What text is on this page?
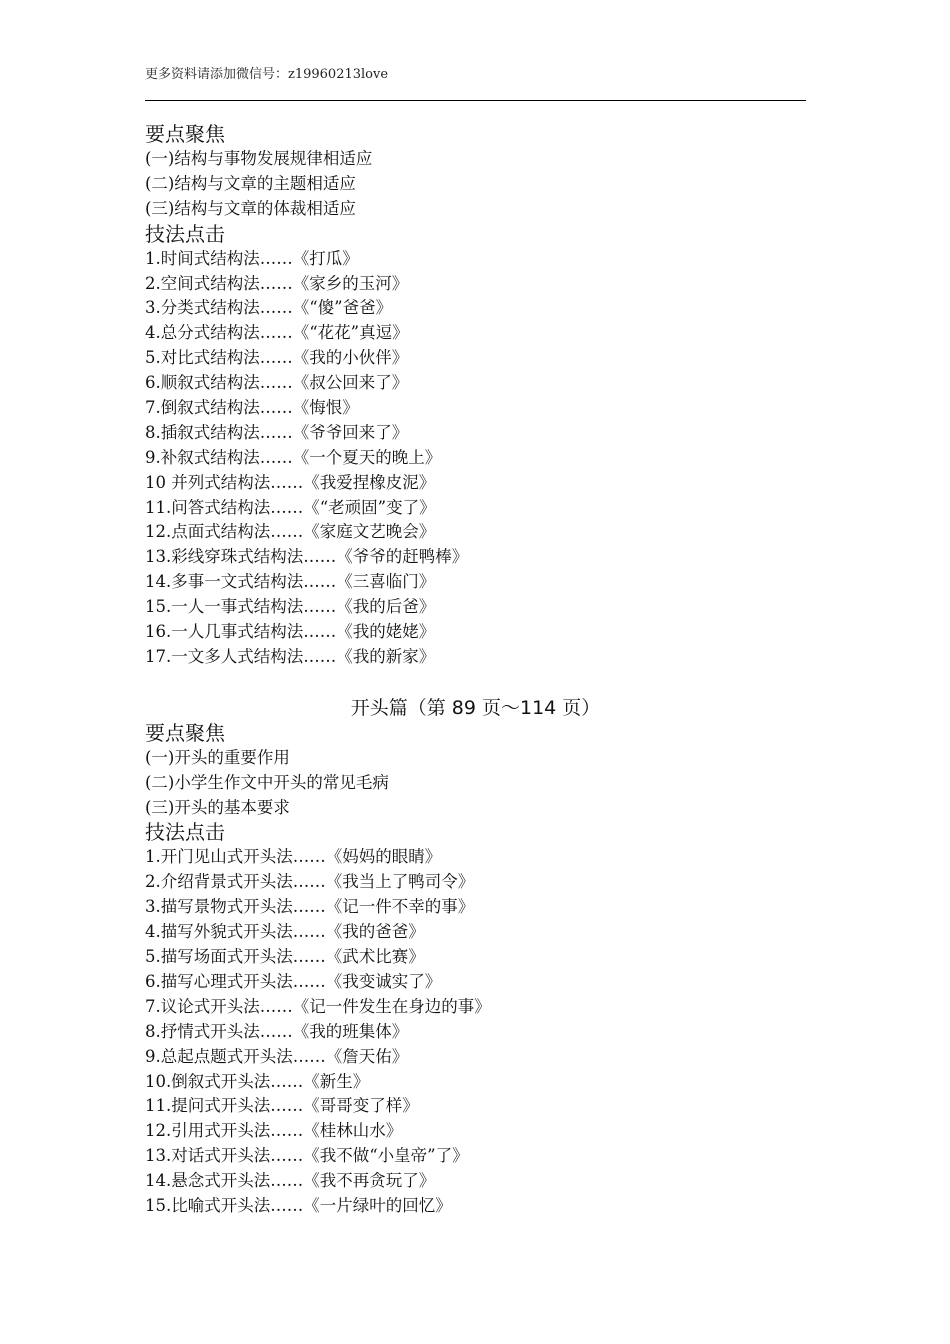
更多资料请添加微信号：z19960213love
要点聚焦
(一)结构与事物发展规律相适应
(二)结构与文章的主题相适应
(三)结构与文章的体裁相适应
技法点击
1.时间式结构法……《打瓜》
2.空间式结构法……《家乡的玉河》
3.分类式结构法……《“傻”爸爸》
4.总分式结构法……《“花花”真逗》
5.对比式结构法……《我的小伙伴》
6.顺叙式结构法……《叔公回来了》
7.倒叙式结构法……《悔恨》
8.插叙式结构法……《爷爷回来了》
9.补叙式结构法……《一个夏天的晚上》
10 并列式结构法……《我爱捏橡皮泥》
11.问答式结构法……《“老顽固”变了》
12.点面式结构法……《家庭文艺晚会》
13.彩线穿珠式结构法……《爷爷的赶鸭棒》
14.多事一文式结构法……《三喜临门》
15.一人一事式结构法……《我的后爸》
16.一人几事式结构法……《我的姥姥》
17.一文多人式结构法……《我的新家》
开头篇（第 89 页～114 页）
要点聚焦
(一)开头的重要作用
(二)小学生作文中开头的常见毛病
(三)开头的基本要求
技法点击
1.开门见山式开头法……《妈妈的眼睛》
2.介绍背景式开头法……《我当上了鸭司令》
3.描写景物式开头法……《记一件不幸的事》
4.描写外貌式开头法……《我的爸爸》
5.描写场面式开头法……《武术比赛》
6.描写心理式开头法……《我变诚实了》
7.议论式开头法……《记一件发生在身边的事》
8.抒情式开头法……《我的班集体》
9.总起点题式开头法……《詹天佑》
10.倒叙式开头法……《新生》
11.提问式开头法……《哥哥变了样》
12.引用式开头法……《桂林山水》
13.对话式开头法……《我不做“小皇帝”了》
14.悬念式开头法……《我不再贪玩了》
15.比喻式开头法……《一片绿叶的回忆》
